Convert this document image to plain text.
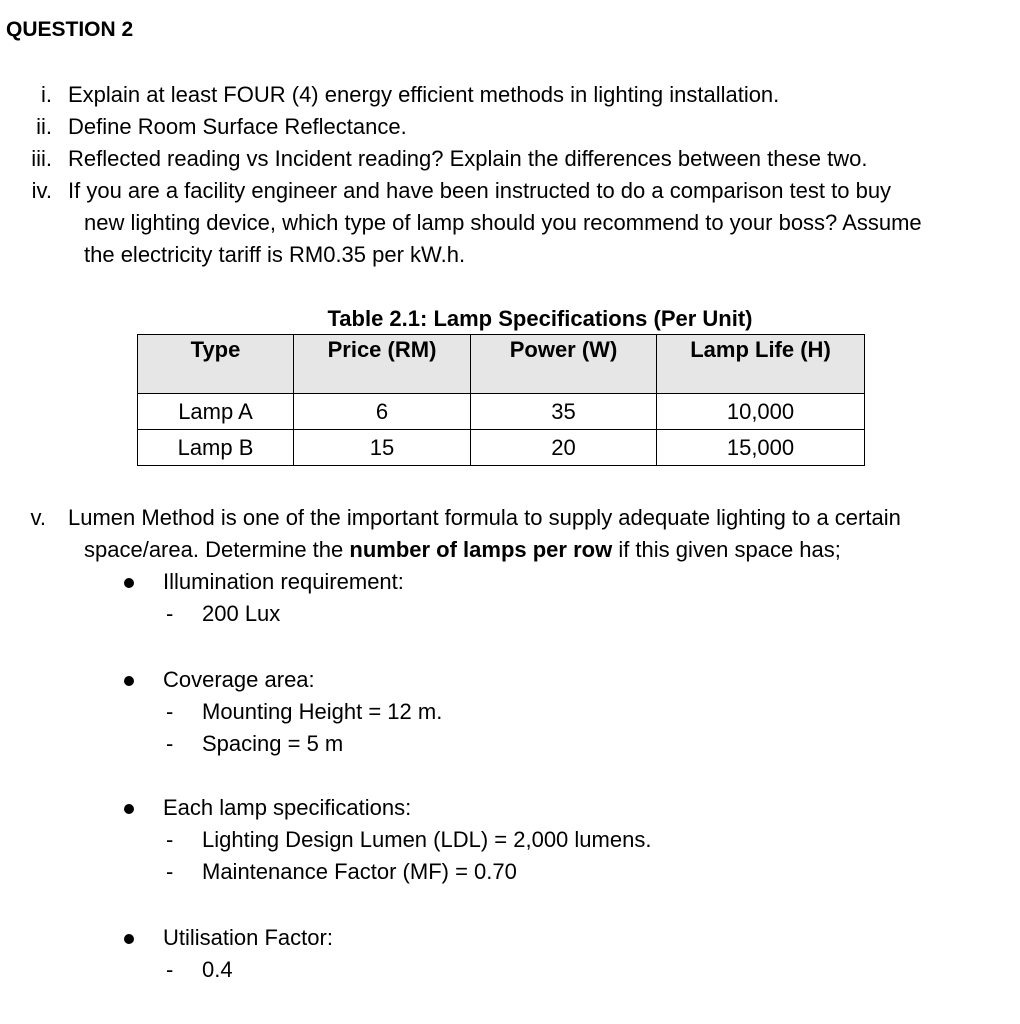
QUESTION 2
i. Explain at least FOUR (4) energy efficient methods in lighting installation.
ii. Define Room Surface Reflectance.
iii. Reflected reading vs Incident reading? Explain the differences between these two.
iv. If you are a facility engineer and have been instructed to do a comparison test to buy
new lighting device, which type of lamp should you recommend to your boss? Assume
the electricity tariff is RM0.35 per kW.h.
Table 2.1: Lamp Specifications (Per Unit)
Type	Price (RM)	Power (W)	Lamp Life (H)
Lamp A	6	35	10,000
Lamp B	15	20	15,000
v. Lumen Method is one of the important formula to supply adequate lighting to a certain
space/area. Determine the number of lamps per row if this given space has;
Illumination requirement:
- 200 Lux
Coverage area:
- Mounting Height = 12 m.
- Spacing = 5 m
Each lamp specifications:
- Lighting Design Lumen (LDL) = 2,000 lumens.
- Maintenance Factor (MF) = 0.70
Utilisation Factor:
- 0.4
